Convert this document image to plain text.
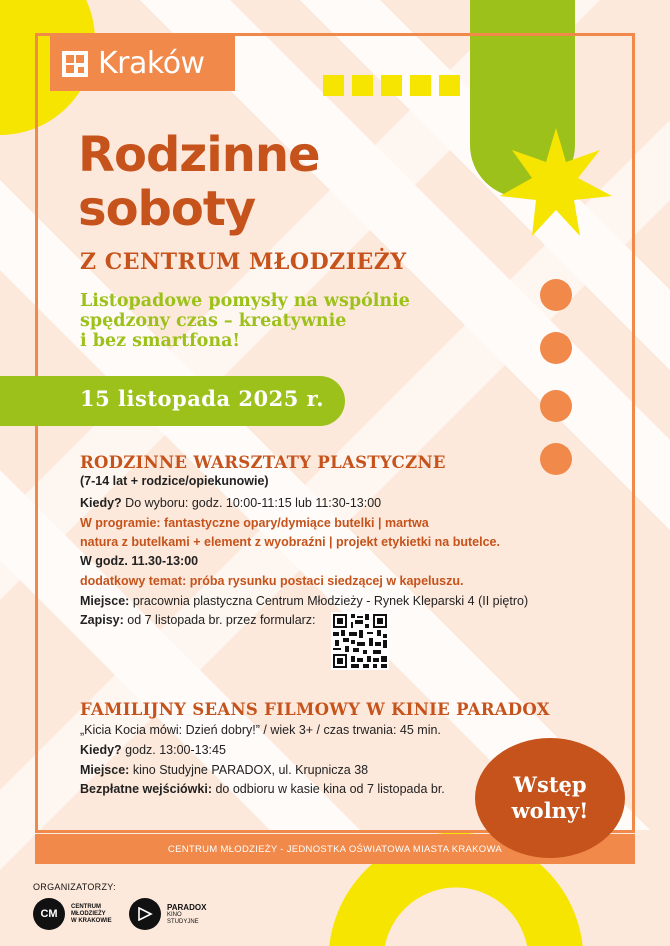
Kraków
Rodzinne
soboty
Z CENTRUM MŁODZIEŻY
Listopadowe pomysły na wspólnie
spędzony czas – kreatywnie
i bez smartfona!
15 listopada 2025 r.
RODZINNE WARSZTATY PLASTYCZNE
(7-14 lat + rodzice/opiekunowie)
Kiedy? Do wyboru: godz. 10:00-11:15 lub 11:30-13:00
W programie: fantastyczne opary/dymiące butelki | martwa
natura z butelkami + element z wyobraźni | projekt etykietki na butelce.
W godz. 11.30-13:00
dodatkowy temat: próba rysunku postaci siedzącej w kapeluszu.
Miejsce: pracownia plastyczna Centrum Młodzieży - Rynek Kleparski 4 (II piętro)
Zapisy: od 7 listopada br. przez formularz:
FAMILIJNY SEANS FILMOWY W KINIE PARADOX
„Kicia Kocia mówi: Dzień dobry!” / wiek 3+ / czas trwania: 45 min.
Kiedy? godz. 13:00-13:45
Miejsce: kino Studyjne PARADOX, ul. Krupnicza 38
Bezpłatne wejściówki: do odbioru w kasie kina od 7 listopada br.
CENTRUM MŁODZIEŻY - JEDNOSTKA OŚWIATOWA MIASTA KRAKOWA
Wstęp
wolny!
ORGANIZATORZY:
CM
CENTRUM
MŁODZIEŻY
W KRAKOWIE
PARADOX
KINO
STUDYJNE
